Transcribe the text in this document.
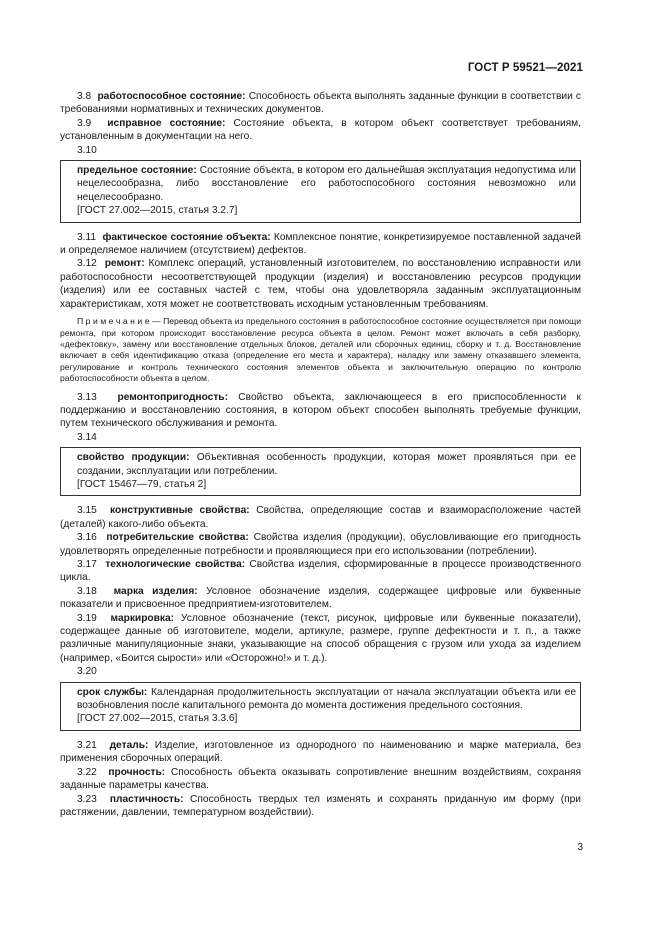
ГОСТ Р 59521—2021

3.8 работоспособное состояние: Способность объекта выполнять заданные функции в соответствии с требованиями нормативных и технических документов.

3.9 исправное состояние: Состояние объекта, в котором объект соответствует требованиям, установленным в документации на него.

3.10

предельное состояние: Состояние объекта, в котором его дальнейшая эксплуатация недопустима или нецелесообразна, либо восстановление его работоспособного состояния невозможно или нецелесообразно.

[ГОСТ 27.002—2015, статья 3.2.7]

3.11 фактическое состояние объекта: Комплексное понятие, конкретизируемое поставленной задачей и определяемое наличием (отсутствием) дефектов.

3.12 ремонт: Комплекс операций, установленный изготовителем, по восстановлению исправности или работоспособности несоответствующей продукции (изделия) и восстановлению ресурсов продукции (изделия) или ее составных частей с тем, чтобы она удовлетворяла заданным эксплуатационным характеристикам, хотя может не соответствовать исходным установленным требованиям.

П р и м е ч а н и е — Перевод объекта из предельного состояния в работоспособное состояние осуществляется при помощи ремонта, при котором происходит восстановление ресурса объекта в целом. Ремонт может включать в себя разборку, «дефектовку», замену или восстановление отдельных блоков, деталей или сборочных единиц, сборку и т. д. Восстановление включает в себя идентификацию отказа (определение его места и характера), наладку или замену отказавшего элемента, регулирование и контроль технического состояния элементов объекта и заключительную операцию по контролю работоспособности объекта в целом.

3.13 ремонтопригодность: Свойство объекта, заключающееся в его приспособленности к поддержанию и восстановлению состояния, в котором объект способен выполнять требуемые функции, путем технического обслуживания и ремонта.

3.14

свойство продукции: Объективная особенность продукции, которая может проявляться при ее создании, эксплуатации или потреблении.

[ГОСТ 15467—79, статья 2]

3.15 конструктивные свойства: Свойства, определяющие состав и взаиморасположение частей (деталей) какого-либо объекта.

3.16 потребительские свойства: Свойства изделия (продукции), обусловливающие его пригодность удовлетворять определенные потребности и проявляющиеся при его использовании (потреблении).

3.17 технологические свойства: Свойства изделия, сформированные в процессе производственного цикла.

3.18 марка изделия: Условное обозначение изделия, содержащее цифровые или буквенные показатели и присвоенное предприятием-изготовителем.

3.19 маркировка: Условное обозначение (текст, рисунок, цифровые или буквенные показатели), содержащее данные об изготовителе, модели, артикуле, размере, группе дефектности и т. п., а также различные манипуляционные знаки, указывающие на способ обращения с грузом или ухода за изделием (например, «Боится сырости» или «Осторожно!» и т. д.).

3.20

срок службы: Календарная продолжительность эксплуатации от начала эксплуатации объекта или ее возобновления после капитального ремонта до момента достижения предельного состояния.

[ГОСТ 27.002—2015, статья 3.3.6]

3.21 деталь: Изделие, изготовленное из однородного по наименованию и марке материала, без применения сборочных операций.

3.22 прочность: Способность объекта оказывать сопротивление внешним воздействиям, сохраняя заданные параметры качества.

3.23 пластичность: Способность твердых тел изменять и сохранять приданную им форму (при растяжении, давлении, температурном воздействии).

3
